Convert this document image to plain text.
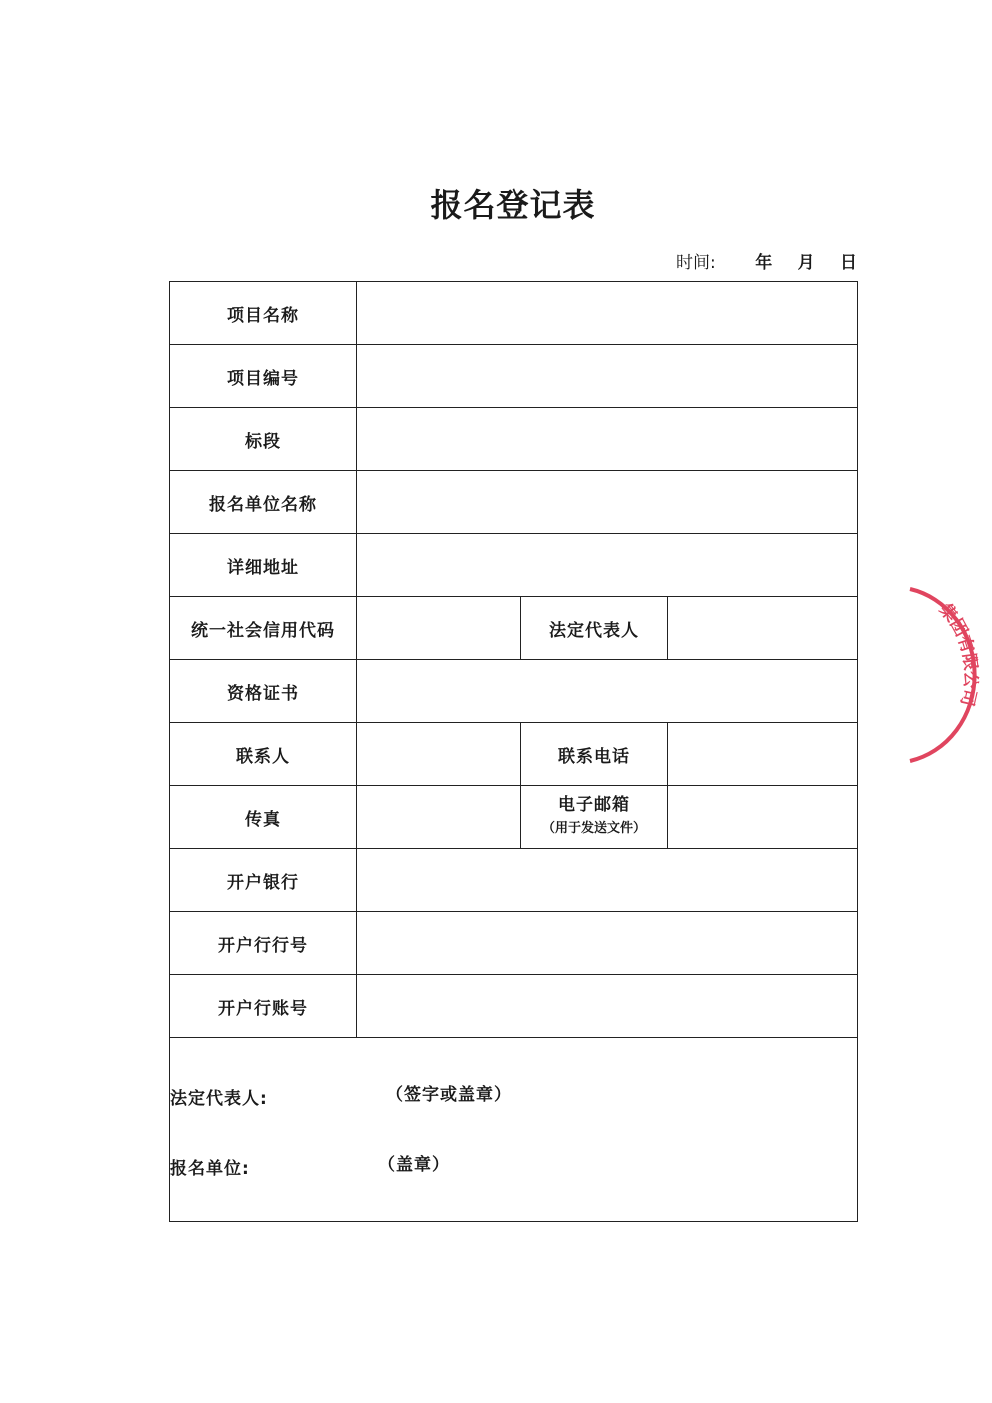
报名登记表
时间: 年 月 日
项目名称			
项目编号			
标段			
报名单位名称			
详细地址			
统一社会信用代码		法定代表人	
资格证书			
联系人		联系电话	
传真		电子邮箱
（用于发送文件）	

开户银行			
开户行行号			
开户行账号			

法定代表人: （签字或盖章）
报名单位: （盖章）			
集团有限公司
